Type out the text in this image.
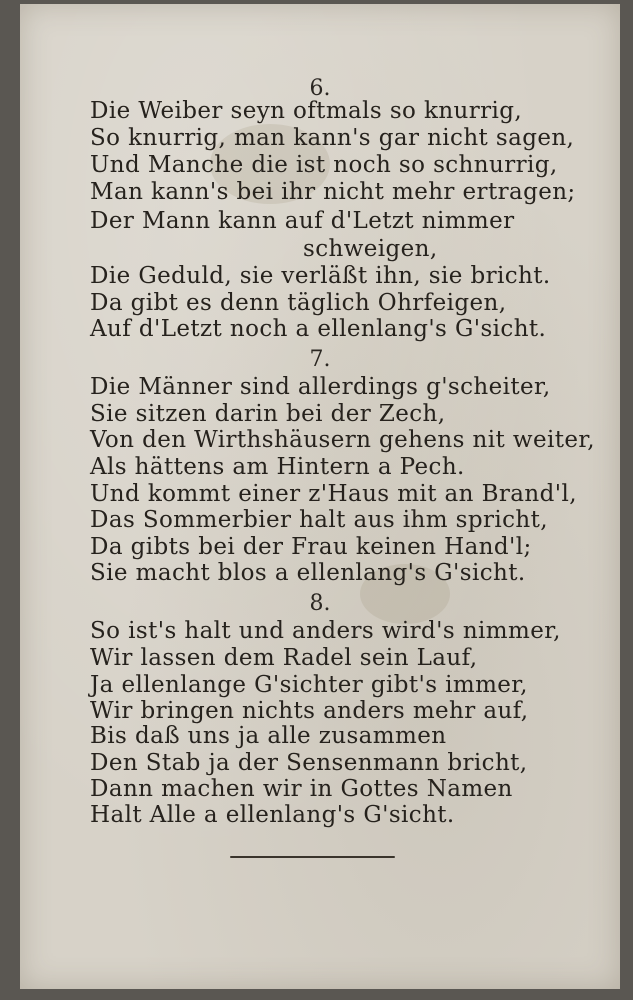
6.
Die Weiber seyn oftmals so knurrig,
So knurrig, man kann's gar nicht sagen,
Und Manche die ist noch so schnurrig,
Man kann's bei ihr nicht mehr ertragen;
Der Mann kann auf d'Letzt nimmer
schweigen,
Die Geduld, sie verläßt ihn, sie bricht.
Da gibt es denn täglich Ohrfeigen,
Auf d'Letzt noch a ellenlang's G'sicht.
7.
Die Männer sind allerdings g'scheiter,
Sie sitzen darin bei der Zech,
Von den Wirthshäusern gehens nit weiter,
Als hättens am Hintern a Pech.
Und kommt einer z'Haus mit an Brand'l,
Das Sommerbier halt aus ihm spricht,
Da gibts bei der Frau keinen Hand'l;
Sie macht blos a ellenlang's G'sicht.
8.
So ist's halt und anders wird's nimmer,
Wir lassen dem Radel sein Lauf,
Ja ellenlange G'sichter gibt's immer,
Wir bringen nichts anders mehr auf,
Bis daß uns ja alle zusammen
Den Stab ja der Sensenmann bricht,
Dann machen wir in Gottes Namen
Halt Alle a ellenlang's G'sicht.
